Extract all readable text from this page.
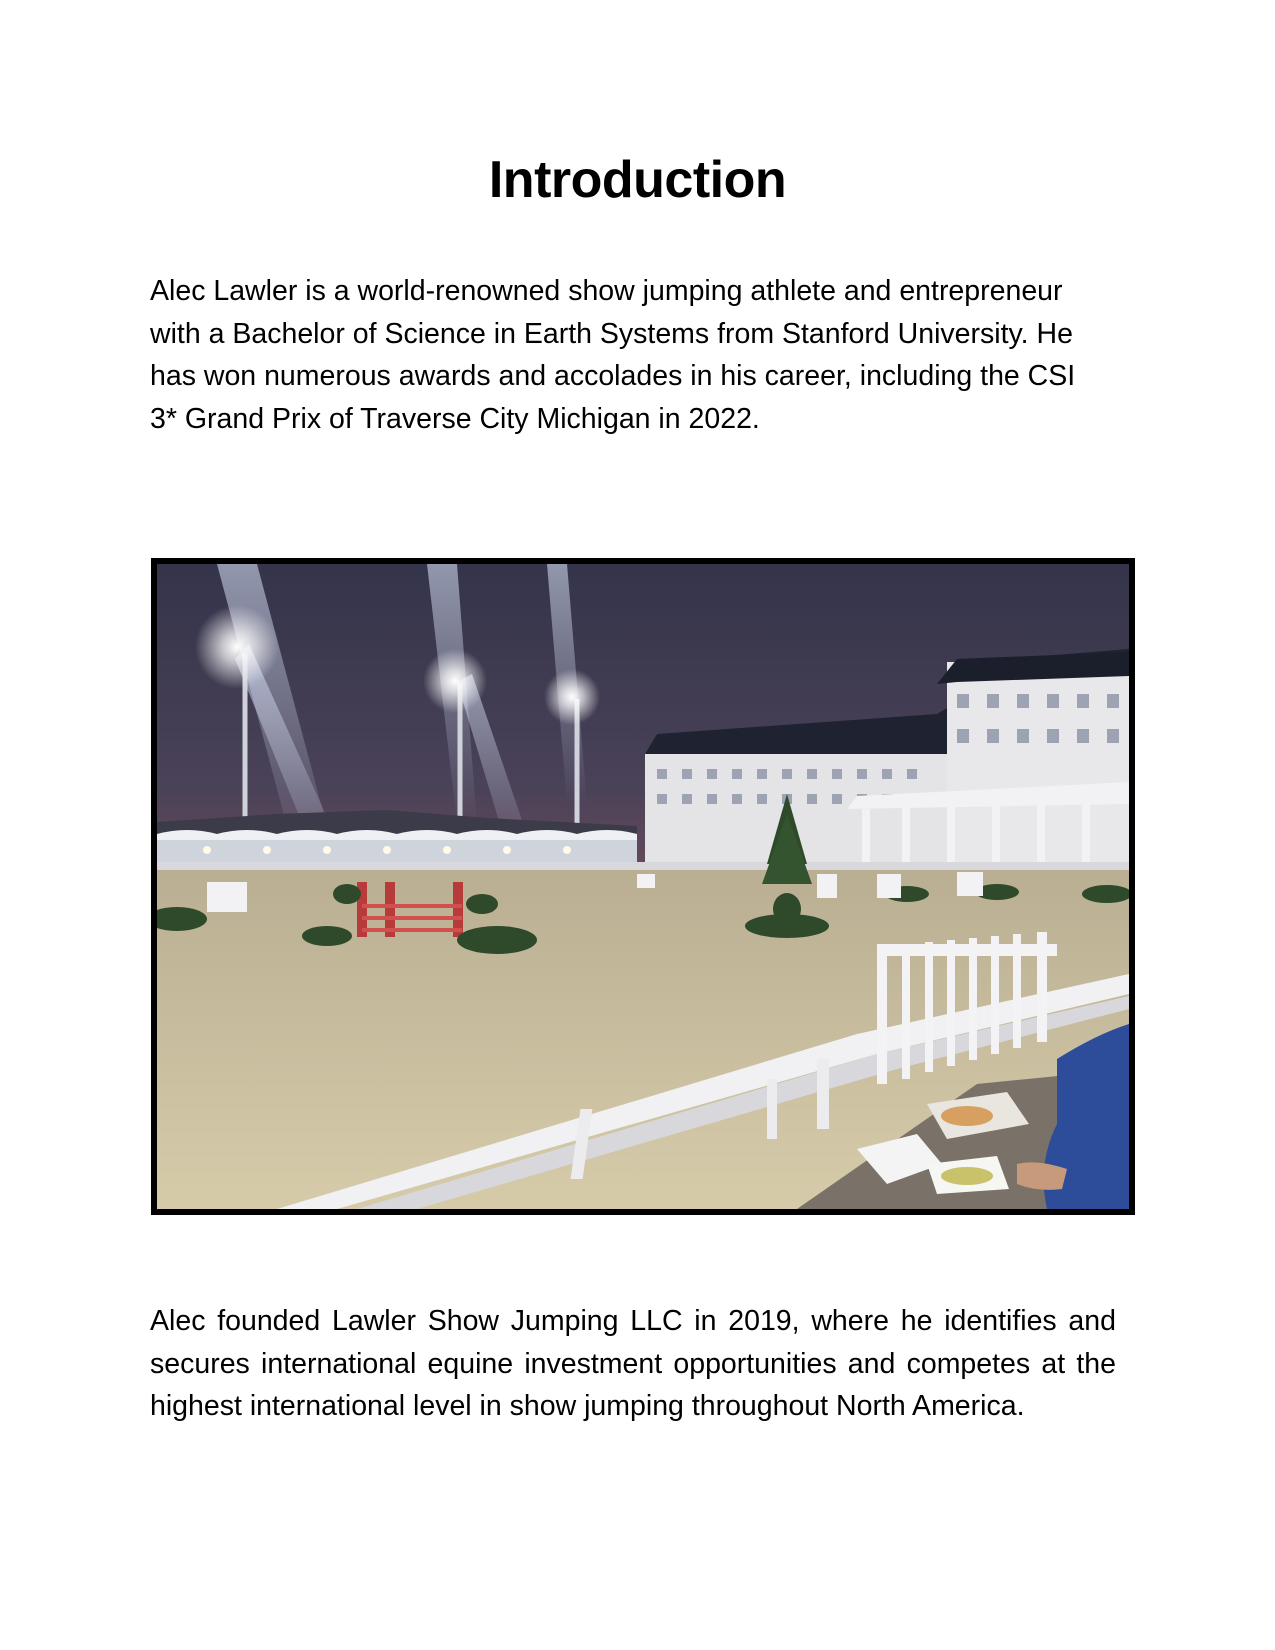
Introduction

Alec Lawler is a world-renowned show jumping athlete and entrepreneur with a Bachelor of Science in Earth Systems from Stanford University. He has won numerous awards and accolades in his career, including the CSI 3* Grand Prix of Traverse City Michigan in 2022.

Alec founded Lawler Show Jumping LLC in 2019, where he identifies and secures international equine investment opportunities and competes at the highest international level in show jumping throughout North America.
